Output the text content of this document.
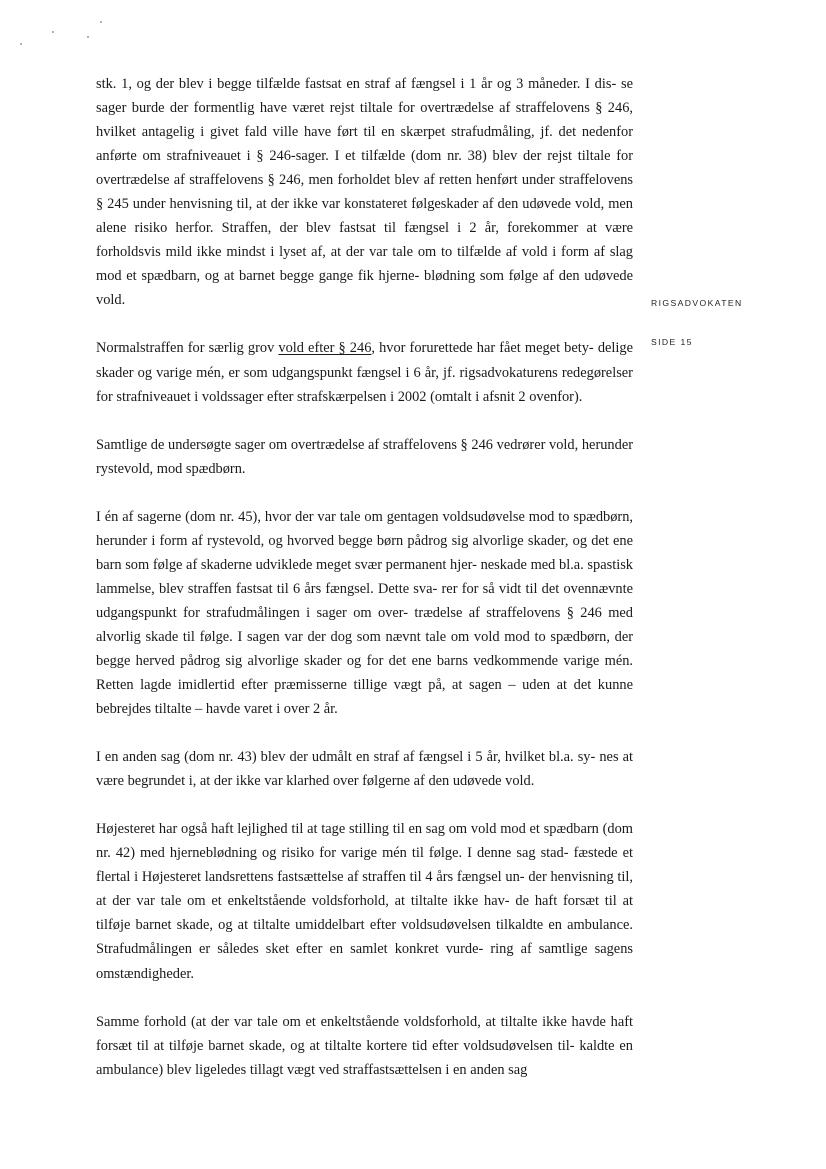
RIGSADVOKATEN
SIDE 15

stk. 1, og der blev i begge tilfælde fastsat en straf af fængsel i 1 år og 3 måneder. I dis- se sager burde der formentlig have været rejst tiltale for overtrædelse af straffelovens § 246, hvilket antagelig i givet fald ville have ført til en skærpet strafudmåling, jf. det nedenfor anførte om strafniveauet i § 246-sager. I et tilfælde (dom nr. 38) blev der rejst tiltale for overtrædelse af straffelovens § 246, men forholdet blev af retten henført under straffelovens § 245 under henvisning til, at der ikke var konstateret følgeskader af den udøvede vold, men alene risiko herfor. Straffen, der blev fastsat til fængsel i 2 år, forekommer at være forholdsvis mild ikke mindst i lyset af, at der var tale om to tilfælde af vold i form af slag mod et spædbarn, og at barnet begge gange fik hjerne- blødning som følge af den udøvede vold.

Normalstraffen for særlig grov vold efter § 246, hvor forurettede har fået meget bety- delige skader og varige mén, er som udgangspunkt fængsel i 6 år, jf. rigsadvokaturens redegørelser for strafniveauet i voldssager efter strafskærpelsen i 2002 (omtalt i afsnit 2 ovenfor).

Samtlige de undersøgte sager om overtrædelse af straffelovens § 246 vedrører vold, herunder rystevold, mod spædbørn.

I én af sagerne (dom nr. 45), hvor der var tale om gentagen voldsudøvelse mod to spædbørn, herunder i form af rystevold, og hvorved begge børn pådrog sig alvorlige skader, og det ene barn som følge af skaderne udviklede meget svær permanent hjer- neskade med bl.a. spastisk lammelse, blev straffen fastsat til 6 års fængsel. Dette sva- rer for så vidt til det ovennævnte udgangspunkt for strafudmålingen i sager om over- trædelse af straffelovens § 246 med alvorlig skade til følge. I sagen var der dog som nævnt tale om vold mod to spædbørn, der begge herved pådrog sig alvorlige skader og for det ene barns vedkommende varige mén. Retten lagde imidlertid efter præmisserne tillige vægt på, at sagen – uden at det kunne bebrejdes tiltalte – havde varet i over 2 år.

I en anden sag (dom nr. 43) blev der udmålt en straf af fængsel i 5 år, hvilket bl.a. sy- nes at være begrundet i, at der ikke var klarhed over følgerne af den udøvede vold.

Højesteret har også haft lejlighed til at tage stilling til en sag om vold mod et spædbarn (dom nr. 42) med hjerneblødning og risiko for varige mén til følge. I denne sag stad- fæstede et flertal i Højesteret landsrettens fastsættelse af straffen til 4 års fængsel un- der henvisning til, at der var tale om et enkeltstående voldsforhold, at tiltalte ikke hav- de haft forsæt til at tilføje barnet skade, og at tiltalte umiddelbart efter voldsudøvelsen tilkaldte en ambulance. Strafudmålingen er således sket efter en samlet konkret vurde- ring af samtlige sagens omstændigheder.

Samme forhold (at der var tale om et enkeltstående voldsforhold, at tiltalte ikke havde haft forsæt til at tilføje barnet skade, og at tiltalte kortere tid efter voldsudøvelsen til- kaldte en ambulance) blev ligeledes tillagt vægt ved straffastsættelsen i en anden sag
